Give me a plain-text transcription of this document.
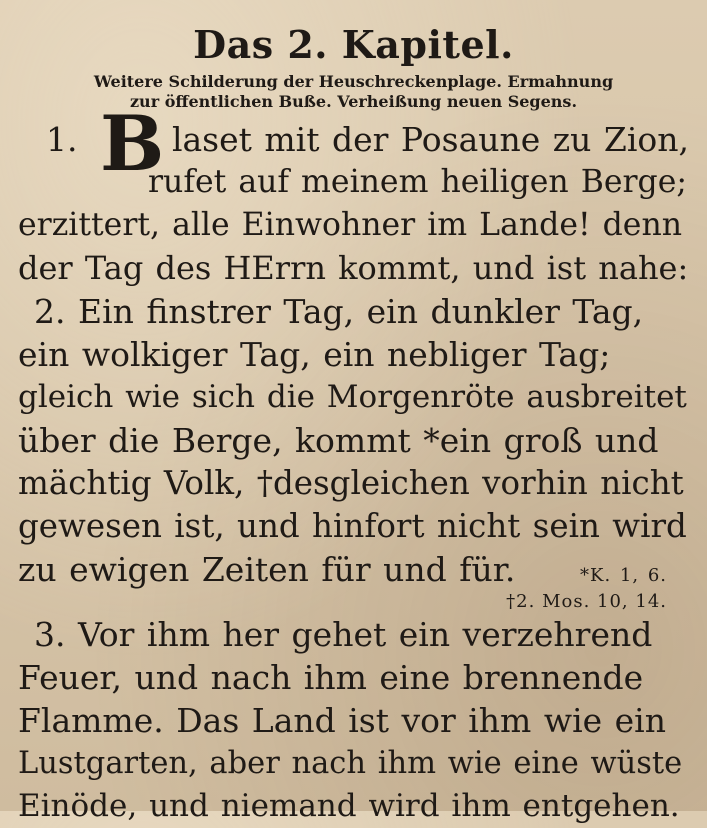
Das 2. Kapitel.
Weitere Schilderung der Heuschreckenplage. Ermahnung
zur öffentlichen Buße. Verheißung neuen Segens.
1. B laset mit der Posaune zu Zion,
rufet auf meinem heiligen Berge;
erzittert, alle Einwohner im Lande! denn
der Tag des HErrn kommt, und ist nahe:
2. Ein finstrer Tag, ein dunkler Tag,
ein wolkiger Tag, ein nebliger Tag;
gleich wie sich die Morgenröte ausbreitet
über die Berge, kommt *ein groß und
mächtig Volk, †desgleichen vorhin nicht
gewesen ist, und hinfort nicht sein wird
zu ewigen Zeiten für und für.	*K. 1, 6.
†2. Mos. 10, 14.
3. Vor ihm her gehet ein verzehrend
Feuer, und nach ihm eine brennende
Flamme. Das Land ist vor ihm wie ein
Lustgarten, aber nach ihm wie eine wüste
Einöde, und niemand wird ihm entgehen.
